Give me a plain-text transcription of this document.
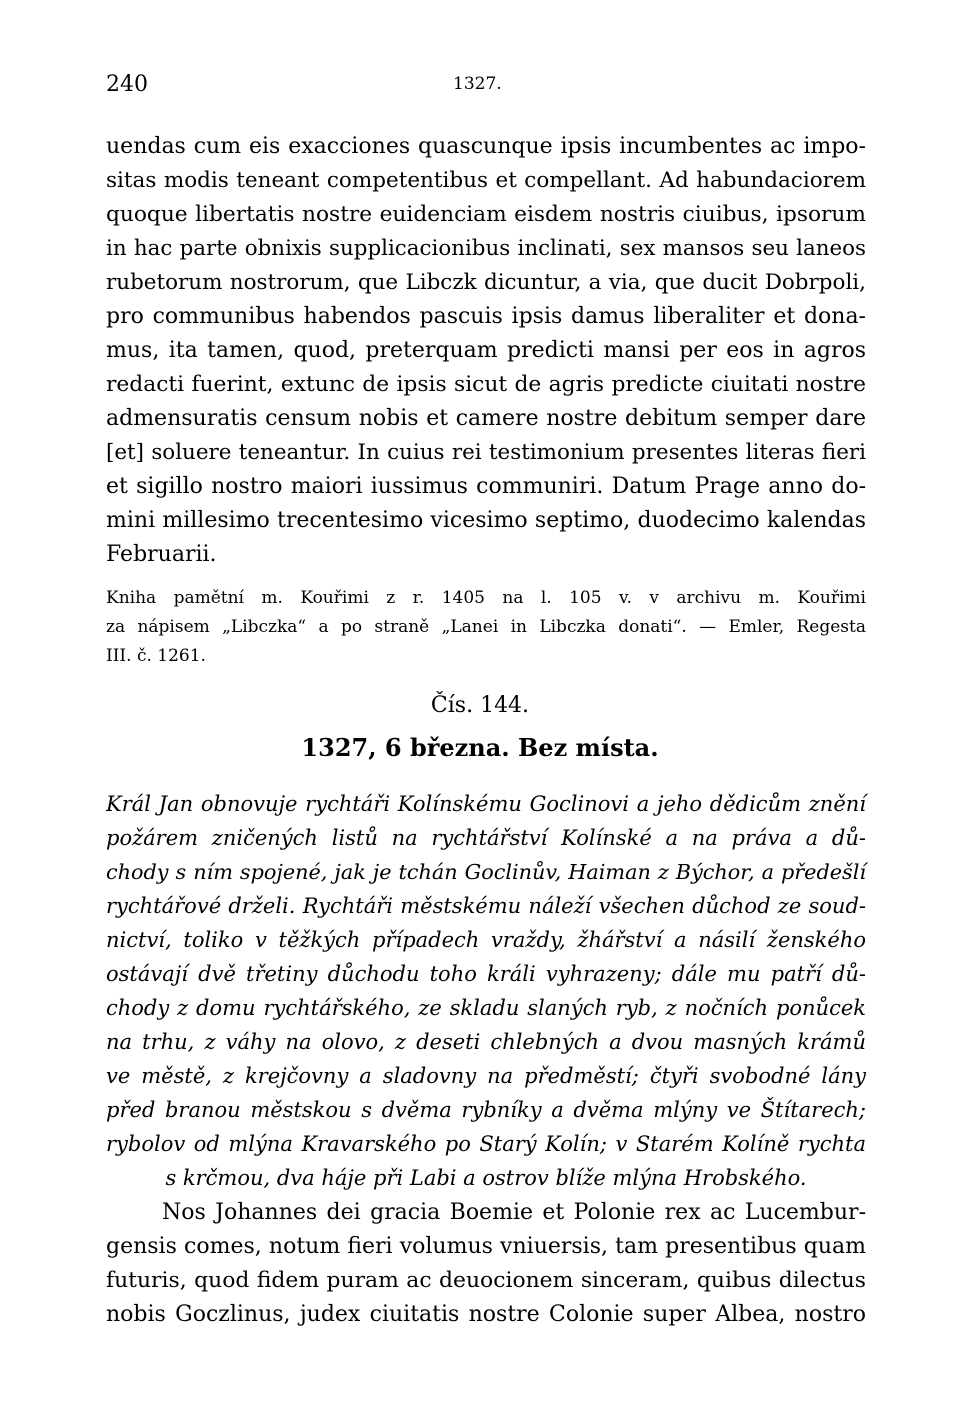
240	1327.
uendas cum eis exacciones quascunque ipsis incumbentes ac impo-
sitas modis teneant competentibus et compellant. Ad habundaciorem
quoque libertatis nostre euidenciam eisdem nostris ciuibus, ipsorum
in hac parte obnixis supplicacionibus inclinati, sex mansos seu laneos
rubetorum nostrorum, que Libczk dicuntur, a via, que ducit Dobrpoli,
pro communibus habendos pascuis ipsis damus liberaliter et dona-
mus, ita tamen, quod, preterquam predicti mansi per eos in agros
redacti fuerint, extunc de ipsis sicut de agris predicte ciuitati nostre
admensuratis censum nobis et camere nostre debitum semper dare
[et] soluere teneantur. In cuius rei testimonium presentes literas fieri
et sigillo nostro maiori iussimus communiri. Datum Prage anno do-
mini millesimo trecentesimo vicesimo septimo, duodecimo kalendas
Februarii.
Kniha pamětní m. Kouřimi z r. 1405 na l. 105 v. v archivu m. Kouřimi
za nápisem „Libczka“ a po straně „Lanei in Libczka donati“. — Emler, Regesta
III. č. 1261.
Čís. 144.
1327, 6 března. Bez místa.
Král Jan obnovuje rychtáři Kolínskému Goclinovi a jeho dědicům znění
požárem zničených listů na rychtářství Kolínské a na práva a dů-
chody s ním spojené, jak je tchán Goclinův, Haiman z Býchor, a předešlí
rychtářové drželi. Rychtáři městskému náleží všechen důchod ze soud-
nictví, toliko v těžkých případech vraždy, žhářství a násilí ženského
ostávají dvě třetiny důchodu toho králi vyhrazeny; dále mu patří dů-
chody z domu rychtářského, ze skladu slaných ryb, z nočních ponůcek
na trhu, z váhy na olovo, z deseti chlebných a dvou masných krámů
ve městě, z krejčovny a sladovny na předměstí; čtyři svobodné lány
před branou městskou s dvěma rybníky a dvěma mlýny ve Štítarech;
rybolov od mlýna Kravarského po Starý Kolín; v Starém Kolíně rychta
s krčmou, dva háje při Labi a ostrov blíže mlýna Hrobského.
Nos Johannes dei gracia Boemie et Polonie rex ac Lucembur-
gensis comes, notum fieri volumus vniuersis, tam presentibus quam
futuris, quod fidem puram ac deuocionem sinceram, quibus dilectus
nobis Goczlinus, judex ciuitatis nostre Colonie super Albea, nostro
